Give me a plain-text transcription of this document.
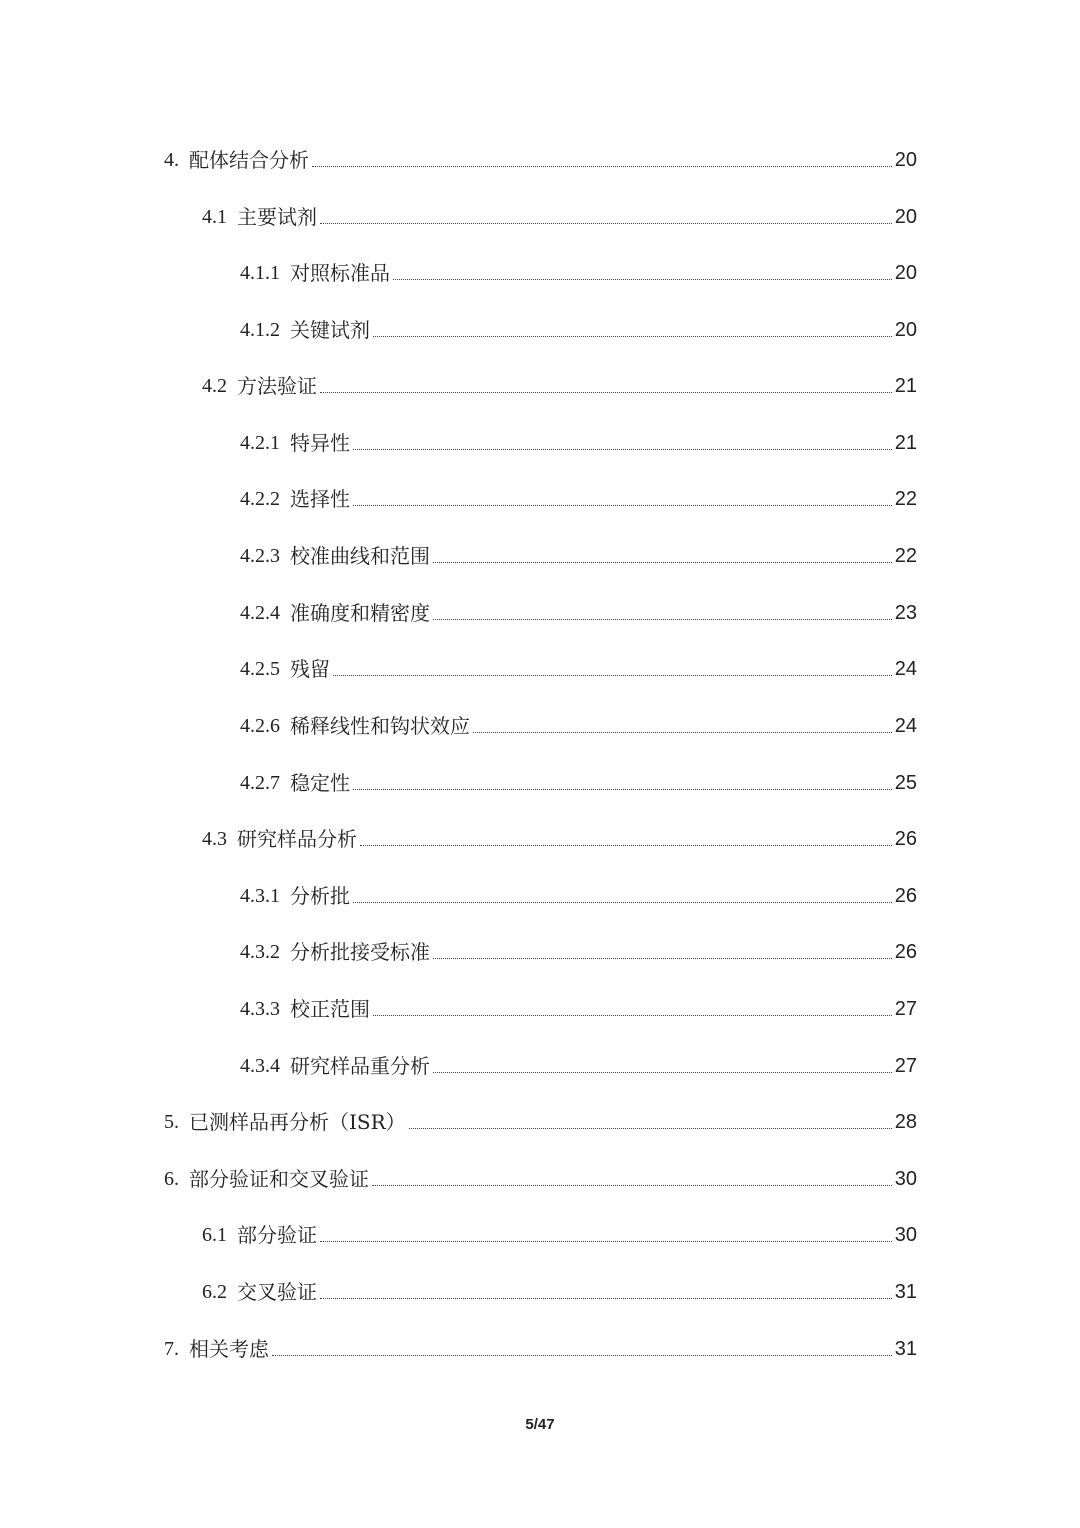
4. 配体结合分析	20
4.1 主要试剂	20
4.1.1 对照标准品	20
4.1.2 关键试剂	20
4.2 方法验证	21
4.2.1 特异性	21
4.2.2 选择性	22
4.2.3 校准曲线和范围	22
4.2.4 准确度和精密度	23
4.2.5 残留	24
4.2.6 稀释线性和钩状效应	24
4.2.7 稳定性	25
4.3 研究样品分析	26
4.3.1 分析批	26
4.3.2 分析批接受标准	26
4.3.3 校正范围	27
4.3.4 研究样品重分析	27
5. 已测样品再分析（ISR）	28
6. 部分验证和交叉验证	30
6.1 部分验证	30
6.2 交叉验证	31
7. 相关考虑	31
5/47
